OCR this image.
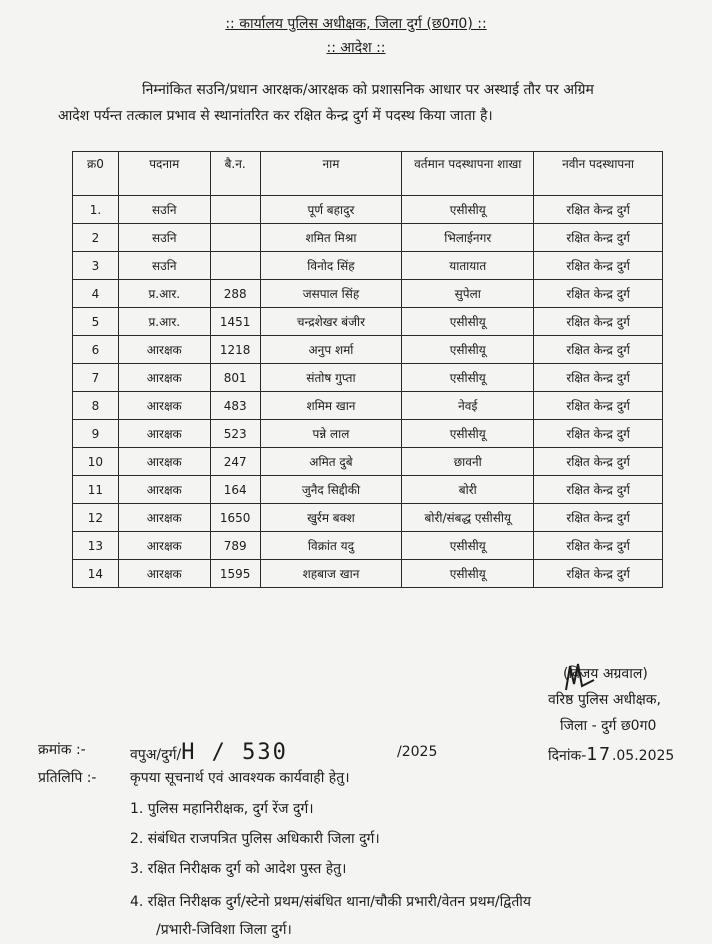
:: कार्यालय पुलिस अधीक्षक, जिला दुर्ग (छ0ग0) ::
:: आदेश ::
निम्नांकित सउनि/प्रधान आरक्षक/आरक्षक को प्रशासनिक आधार पर अस्थाई तौर पर अग्रिम
आदेश पर्यन्त तत्काल प्रभाव से स्थानांतरित कर रक्षित केन्द्र दुर्ग में पदस्थ किया जाता है।
क्र0	पदनाम	बै.न.	नाम	वर्तमान पदस्थापना शाखा	नवीन पदस्थापना
1.	सउनि		पूर्ण बहादुर	एसीसीयू	रक्षित केन्द्र दुर्ग
2	सउनि		शमित मिश्रा	भिलाईनगर	रक्षित केन्द्र दुर्ग
3	सउनि		विनोद सिंह	यातायात	रक्षित केन्द्र दुर्ग
4	प्र.आर.	288	जसपाल सिंह	सुपेला	रक्षित केन्द्र दुर्ग
5	प्र.आर.	1451	चन्द्रशेखर बंजीर	एसीसीयू	रक्षित केन्द्र दुर्ग
6	आरक्षक	1218	अनुप शर्मा	एसीसीयू	रक्षित केन्द्र दुर्ग
7	आरक्षक	801	संतोष गुप्ता	एसीसीयू	रक्षित केन्द्र दुर्ग
8	आरक्षक	483	शमिम खान	नेवई	रक्षित केन्द्र दुर्ग
9	आरक्षक	523	पन्ने लाल	एसीसीयू	रक्षित केन्द्र दुर्ग
10	आरक्षक	247	अमित दुबे	छावनी	रक्षित केन्द्र दुर्ग
11	आरक्षक	164	जुनैद सिद्दीकी	बोरी	रक्षित केन्द्र दुर्ग
12	आरक्षक	1650	खुर्रम बक्श	बोरी/संबद्ध एसीसीयू	रक्षित केन्द्र दुर्ग
13	आरक्षक	789	विक्रांत यदु	एसीसीयू	रक्षित केन्द्र दुर्ग
14	आरक्षक	1595	शहबाज खान	एसीसीयू	रक्षित केन्द्र दुर्ग
(विजय अग्रवाल)
वरिष्ठ पुलिस अधीक्षक,
जिला - दुर्ग छ0ग0
दिनांक-17.05.2025
क्रमांक :-	वपुअ/दुर्ग/H / 530	/2025
प्रतिलिपि :- कृपया सूचनार्थ एवं आवश्यक कार्यवाही हेतु।
1. पुलिस महानिरीक्षक, दुर्ग रेंज दुर्ग।
2. संबंधित राजपत्रित पुलिस अधिकारी जिला दुर्ग।
3. रक्षित निरीक्षक दुर्ग को आदेश पुस्त हेतु।
4. रक्षित निरीक्षक दुर्ग/स्टेनो प्रथम/संबंधित थाना/चौकी प्रभारी/वेतन प्रथम/द्वितीय
/प्रभारी-जिविशा जिला दुर्ग।
